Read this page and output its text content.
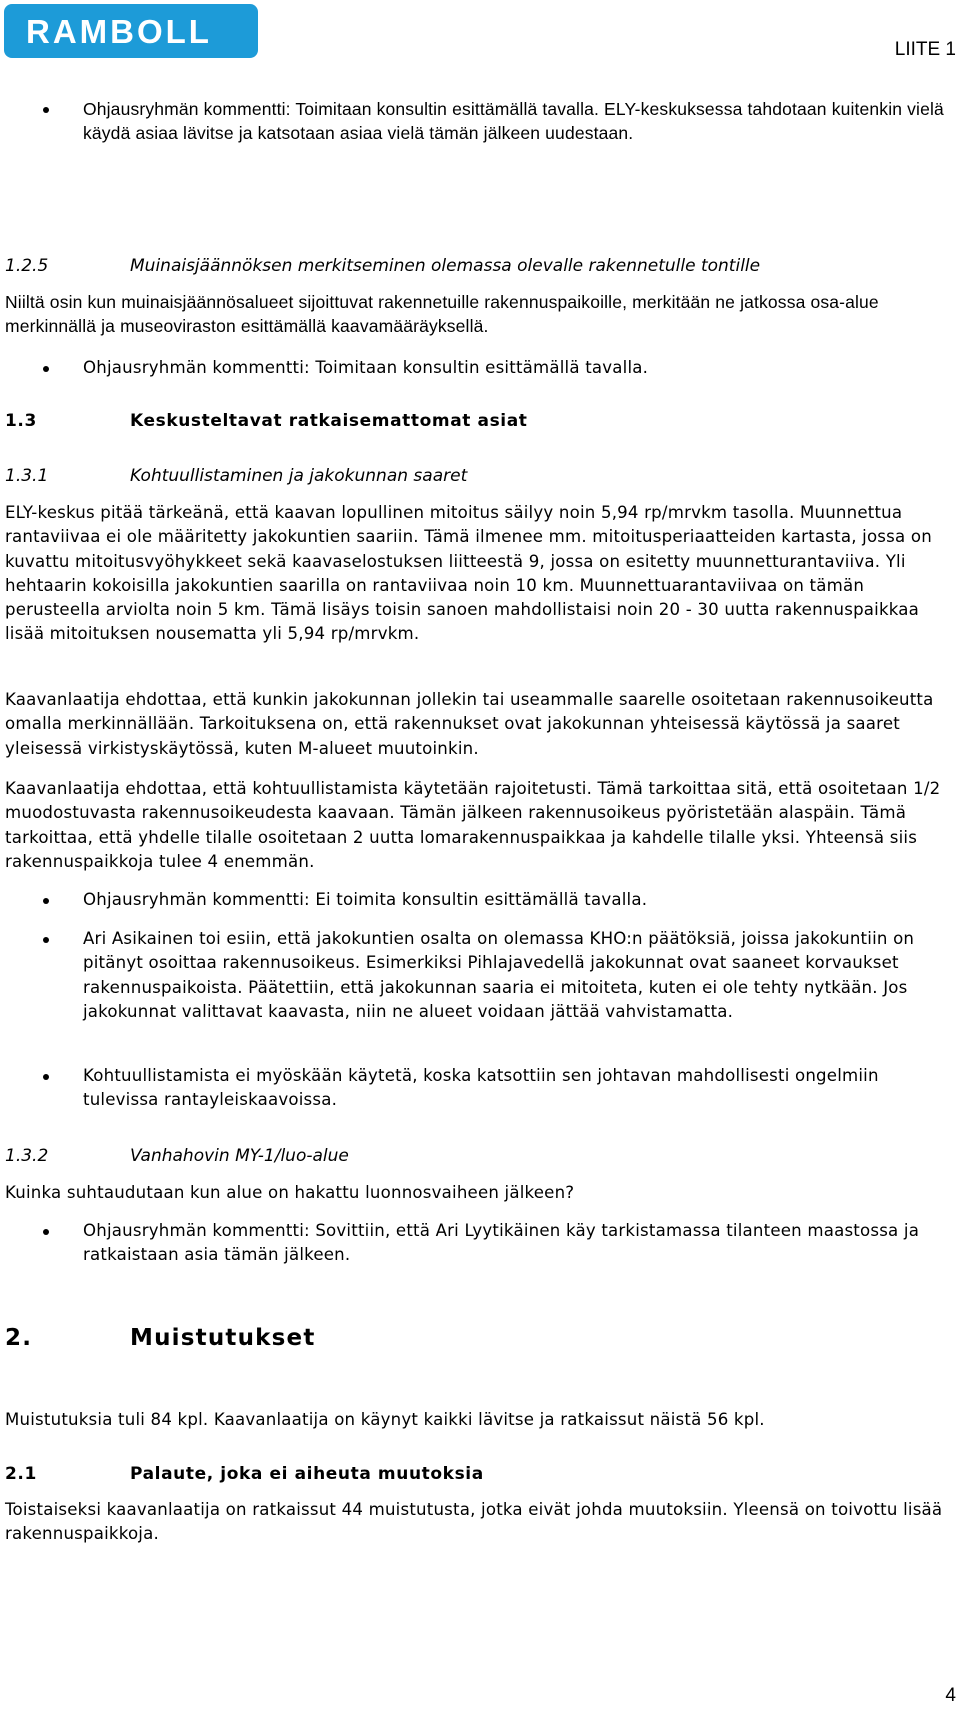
RAMBOLL	LIITE 1

Ohjausryhmän kommentti: Toimitaan konsultin esittämällä tavalla. ELY-keskuksessa tahdotaan kuitenkin vielä käydä asiaa lävitse ja katsotaan asiaa vielä tämän jälkeen uudestaan.

1.2.5	Muinaisjäännöksen merkitseminen olemassa olevalle rakennetulle tontille

Niiltä osin kun muinaisjäännösalueet sijoittuvat rakennetuille rakennuspaikoille, merkitään ne jatkossa osa-alue merkinnällä ja museoviraston esittämällä kaavamääräyksellä.

Ohjausryhmän kommentti: Toimitaan konsultin esittämällä tavalla.

1.3	Keskusteltavat ratkaisemattomat asiat
1.3.1	Kohtuullistaminen ja jakokunnan saaret

ELY-keskus pitää tärkeänä, että kaavan lopullinen mitoitus säilyy noin 5,94 rp/mrvkm tasolla. Muunnettua rantaviivaa ei ole määritetty jakokuntien saariin. Tämä ilmenee mm. mitoitusperiaatteiden kartasta, jossa on kuvattu mitoitusvyöhykkeet sekä kaavaselostuksen liitteestä 9, jossa on esitetty muunnetturantaviiva. Yli hehtaarin kokoisilla jakokuntien saarilla on rantaviivaa noin 10 km. Muunnettuarantaviivaa on tämän perusteella arviolta noin 5 km. Tämä lisäys toisin sanoen mahdollistaisi noin 20 - 30 uutta rakennuspaikkaa lisää mitoituksen nousematta yli 5,94 rp/mrvkm.

Kaavanlaatija ehdottaa, että kunkin jakokunnan jollekin tai useammalle saarelle osoitetaan rakennusoikeutta omalla merkinnällään. Tarkoituksena on, että rakennukset ovat jakokunnan yhteisessä käytössä ja saaret yleisessä virkistyskäytössä, kuten M-alueet muutoinkin.

Kaavanlaatija ehdottaa, että kohtuullistamista käytetään rajoitetusti. Tämä tarkoittaa sitä, että osoitetaan 1/2 muodostuvasta rakennusoikeudesta kaavaan. Tämän jälkeen rakennusoikeus pyöristetään alaspäin. Tämä tarkoittaa, että yhdelle tilalle osoitetaan 2 uutta lomarakennuspaikkaa ja kahdelle tilalle yksi. Yhteensä siis rakennuspaikkoja tulee 4 enemmän.

Ohjausryhmän kommentti: Ei toimita konsultin esittämällä tavalla.

Ari Asikainen toi esiin, että jakokuntien osalta on olemassa KHO:n päätöksiä, joissa jakokuntiin on pitänyt osoittaa rakennusoikeus. Esimerkiksi Pihlajavedellä jakokunnat ovat saaneet korvaukset rakennuspaikoista. Päätettiin, että jakokunnan saaria ei mitoiteta, kuten ei ole tehty nytkään. Jos jakokunnat valittavat kaavasta, niin ne alueet voidaan jättää vahvistamatta.

Kohtuullistamista ei myöskään käytetä, koska katsottiin sen johtavan mahdollisesti ongelmiin tulevissa rantayleiskaavoissa.

1.3.2	Vanhahovin MY-1/luo-alue

Kuinka suhtaudutaan kun alue on hakattu luonnosvaiheen jälkeen?

Ohjausryhmän kommentti: Sovittiin, että Ari Lyytikäinen käy tarkistamassa tilanteen maastossa ja ratkaistaan asia tämän jälkeen.

2.	Muistutukset

Muistutuksia tuli 84 kpl. Kaavanlaatija on käynyt kaikki lävitse ja ratkaissut näistä 56 kpl.

2.1	Palaute, joka ei aiheuta muutoksia

Toistaiseksi kaavanlaatija on ratkaissut 44 muistutusta, jotka eivät johda muutoksiin. Yleensä on toivottu lisää rakennuspaikkoja.

4
